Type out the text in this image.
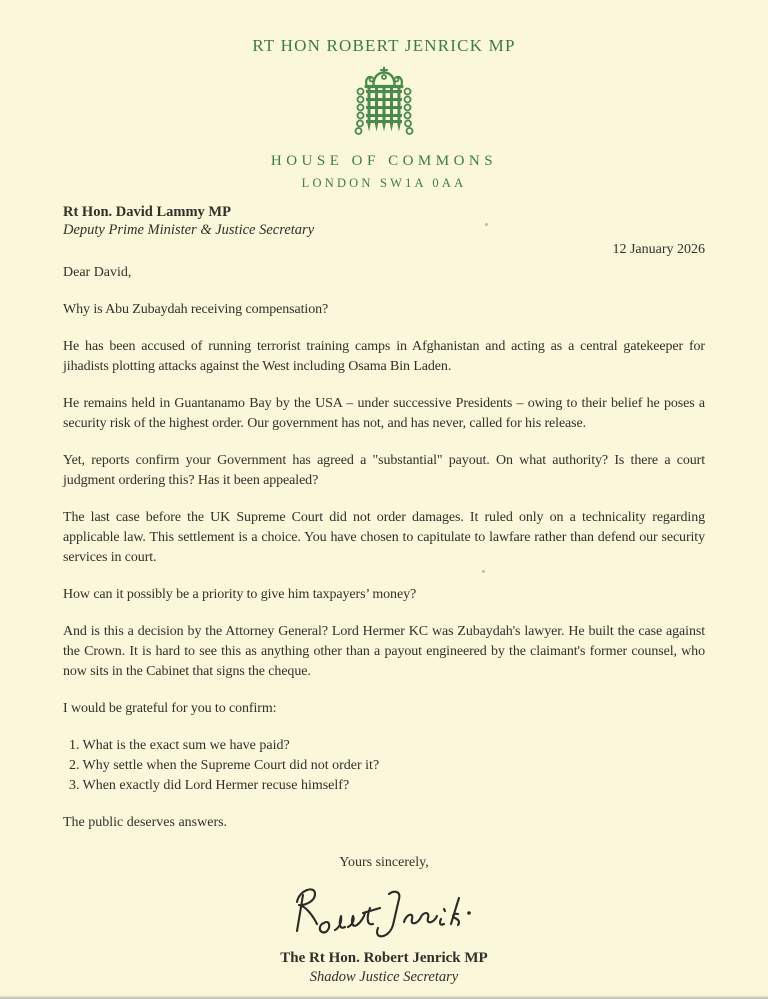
RT HON ROBERT JENRICK MP
HOUSE OF COMMONS
LONDON SW1A 0AA
Rt Hon. David Lammy MP
Deputy Prime Minister & Justice Secretary
12 January 2026
Dear David,

Why is Abu Zubaydah receiving compensation?

He has been accused of running terrorist training camps in Afghanistan and acting as a central gatekeeper for jihadists plotting attacks against the West including Osama Bin Laden.

He remains held in Guantanamo Bay by the USA – under successive Presidents – owing to their belief he poses a security risk of the highest order. Our government has not, and has never, called for his release.

Yet, reports confirm your Government has agreed a "substantial" payout. On what authority? Is there a court judgment ordering this? Has it been appealed?

The last case before the UK Supreme Court did not order damages. It ruled only on a technicality regarding applicable law. This settlement is a choice. You have chosen to capitulate to lawfare rather than defend our security services in court.

How can it possibly be a priority to give him taxpayers’ money?

And is this a decision by the Attorney General? Lord Hermer KC was Zubaydah's lawyer. He built the case against the Crown. It is hard to see this as anything other than a payout engineered by the claimant's former counsel, who now sits in the Cabinet that signs the cheque.

I would be grateful for you to confirm:

1. What is the exact sum we have paid?
2. Why settle when the Supreme Court did not order it?
3. When exactly did Lord Hermer recuse himself?
The public deserves answers.
Yours sincerely,
The Rt Hon. Robert Jenrick MP
Shadow Justice Secretary
